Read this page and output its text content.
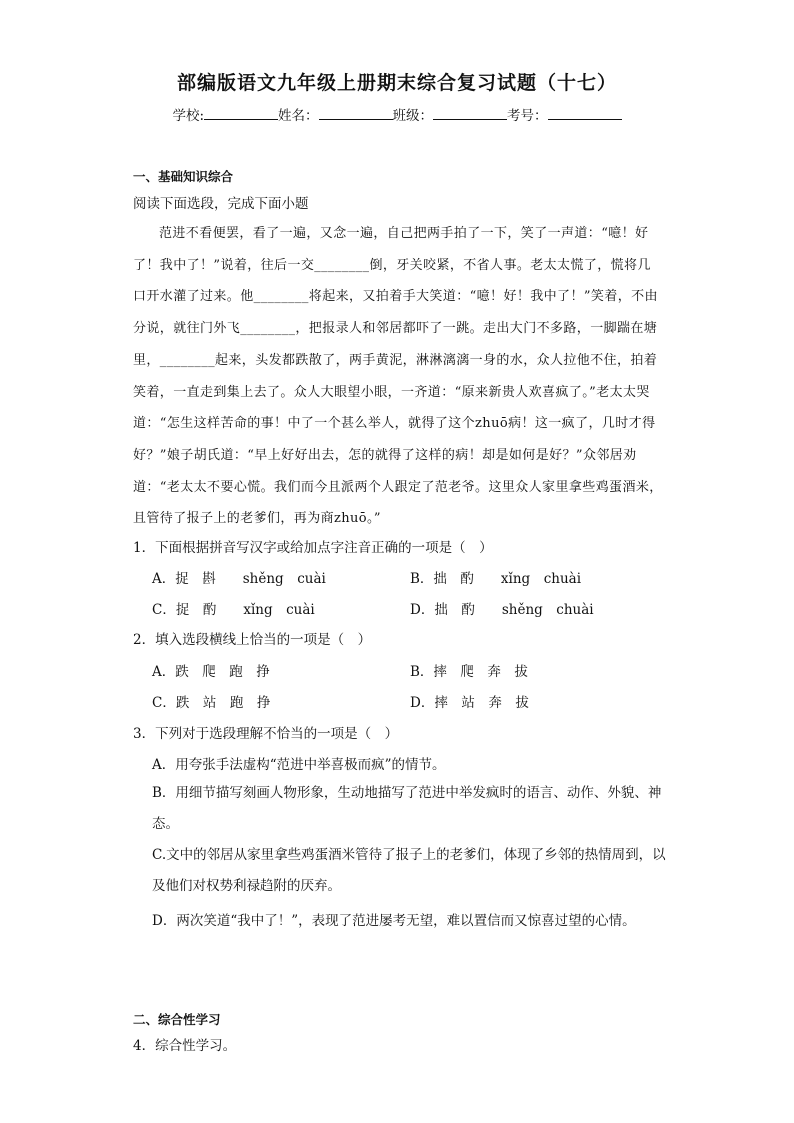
部编版语文九年级上册期末综合复习试题（十七）
学校:	姓名：	班级：	考号：
一、基础知识综合
阅读下面选段，完成下面小题

范进不看便罢，看了一遍，又念一遍，自己把两手拍了一下，笑了一声道：“噫！好了！我中了！”说着，往后一交________倒，牙关咬紧，不省人事。老太太慌了，慌将几口开水灌了过来。他________将起来，又拍着手大笑道：“噫！好！我中了！”笑着，不由分说，就往门外飞________，把报录人和邻居都吓了一跳。走出大门不多路，一脚踹在塘里，________起来，头发都跌散了，两手黄泥，淋淋漓漓一身的水，众人拉他不住，拍着笑着，一直走到集上去了。众人大眼望小眼，一齐道：“原来新贵人欢喜疯了。”老太太哭道：“怎生这样苦命的事！中了一个甚么举人，就得了这个zhuō病！这一疯了，几时才得好？”娘子胡氏道：“早上好好出去，怎的就得了这样的病！却是如何是好？”众邻居劝道：“老太太不要心慌。我们而今且派两个人跟定了范老爷。这里众人家里拿些鸡蛋酒米，且管待了报子上的老爹们，再为商zhuō。”

1．下面根据拼音写汉字或给加点字注音正确的一项是（　）
A．捉　斟　　shěng　cuài	B．拙　酌　　xǐng　chuài
C．捉　酌　　xǐng　cuài	D．拙　酌　　shěng　chuài
2．填入选段横线上恰当的一项是（　）
A．跌　爬　跑　挣	B．摔　爬　奔　拔
C．跌　站　跑　挣	D．摔　站　奔　拔
3．下列对于选段理解不恰当的一项是（　）
A．用夸张手法虚构“范进中举喜极而疯”的情节。
B．用细节描写刻画人物形象，生动地描写了范进中举发疯时的语言、动作、外貌、神态。
C.文中的邻居从家里拿些鸡蛋酒米管待了报子上的老爹们，体现了乡邻的热情周到，以及他们对权势利禄趋附的厌弃。
D．两次笑道“我中了！”，表现了范进屡考无望，难以置信而又惊喜过望的心情。
二、综合性学习
4．综合性学习。
